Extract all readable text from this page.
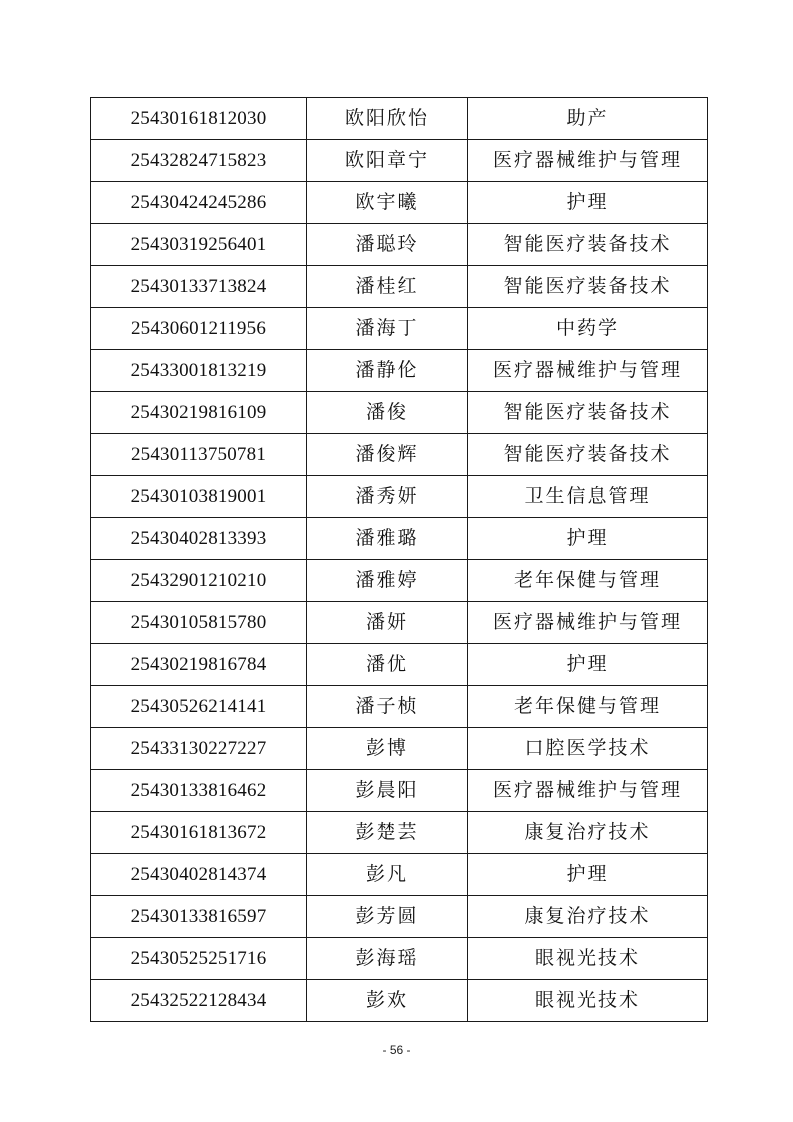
25430161812030	欧阳欣怡	助产
25432824715823	欧阳章宁	医疗器械维护与管理
25430424245286	欧宇曦	护理
25430319256401	潘聪玲	智能医疗装备技术
25430133713824	潘桂红	智能医疗装备技术
25430601211956	潘海丁	中药学
25433001813219	潘静伦	医疗器械维护与管理
25430219816109	潘俊	智能医疗装备技术
25430113750781	潘俊辉	智能医疗装备技术
25430103819001	潘秀妍	卫生信息管理
25430402813393	潘雅璐	护理
25432901210210	潘雅婷	老年保健与管理
25430105815780	潘妍	医疗器械维护与管理
25430219816784	潘优	护理
25430526214141	潘子桢	老年保健与管理
25433130227227	彭博	口腔医学技术
25430133816462	彭晨阳	医疗器械维护与管理
25430161813672	彭楚芸	康复治疗技术
25430402814374	彭凡	护理
25430133816597	彭芳圆	康复治疗技术
25430525251716	彭海瑶	眼视光技术
25432522128434	彭欢	眼视光技术
- 56 -
